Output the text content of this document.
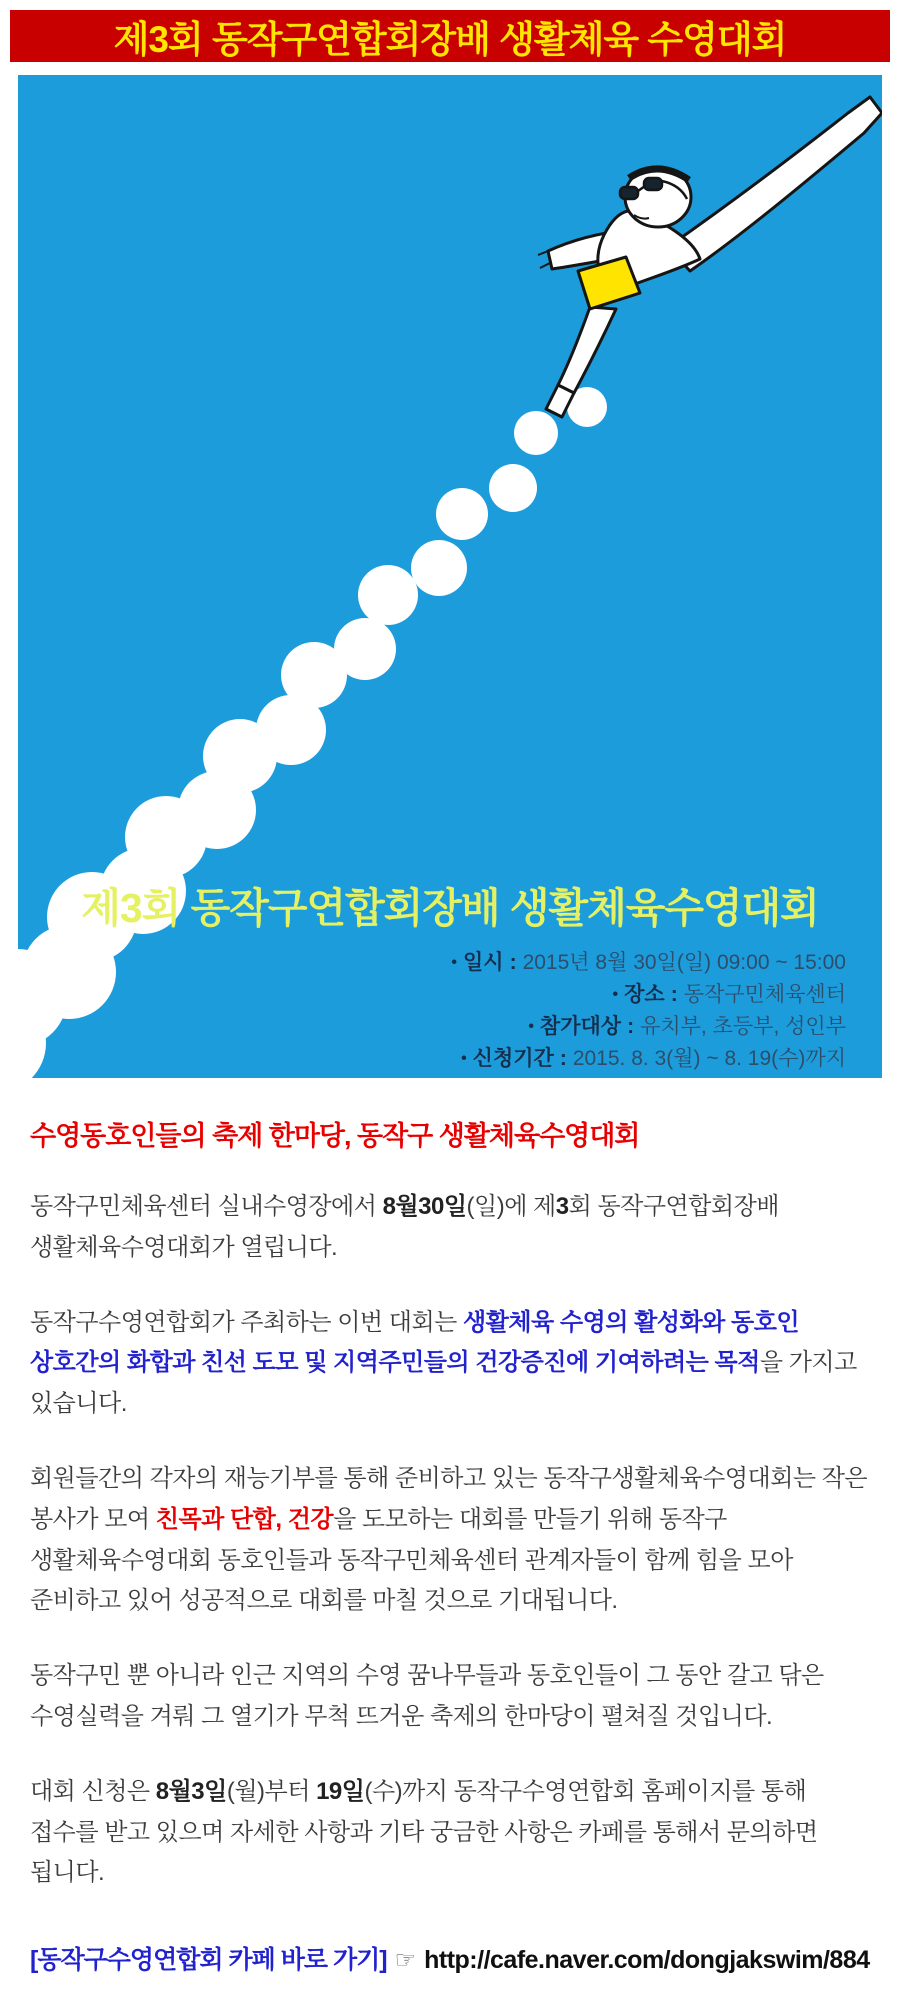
제3회 동작구연합회장배 생활체육 수영대회
제3회 동작구연합회장배 생활체육수영대회
• 일시 : 2015년 8월 30일(일) 09:00 ~ 15:00
• 장소 : 동작구민체육센터
• 참가대상 : 유치부, 초등부, 성인부
• 신청기간 : 2015. 8. 3(월) ~ 8. 19(수)까지
수영동호인들의 축제 한마당, 동작구 생활체육수영대회

동작구민체육센터 실내수영장에서 8월30일(일)에 제3회 동작구연합회장배 생활체육수영대회가 열립니다.

동작구수영연합회가 주최하는 이번 대회는 생활체육 수영의 활성화와 동호인 상호간의 화합과 친선 도모 및 지역주민들의 건강증진에 기여하려는 목적을 가지고 있습니다.

회원들간의 각자의 재능기부를 통해 준비하고 있는 동작구생활체육수영대회는 작은 봉사가 모여 친목과 단합, 건강을 도모하는 대회를 만들기 위해 동작구 생활체육수영대회 동호인들과 동작구민체육센터 관계자들이 함께 힘을 모아 준비하고 있어 성공적으로 대회를 마칠 것으로 기대됩니다.

동작구민 뿐 아니라 인근 지역의 수영 꿈나무들과 동호인들이 그 동안 갈고 닦은 수영실력을 겨뤄 그 열기가 무척 뜨거운 축제의 한마당이 펼쳐질 것입니다.

대회 신청은 8월3일(월)부터 19일(수)까지 동작구수영연합회 홈페이지를 통해 접수를 받고 있으며 자세한 사항과 기타 궁금한 사항은 카페를 통해서 문의하면 됩니다.

[동작구수영연합회 카페 바로 가기] ☞ http://cafe.naver.com/dongjakswim/884
